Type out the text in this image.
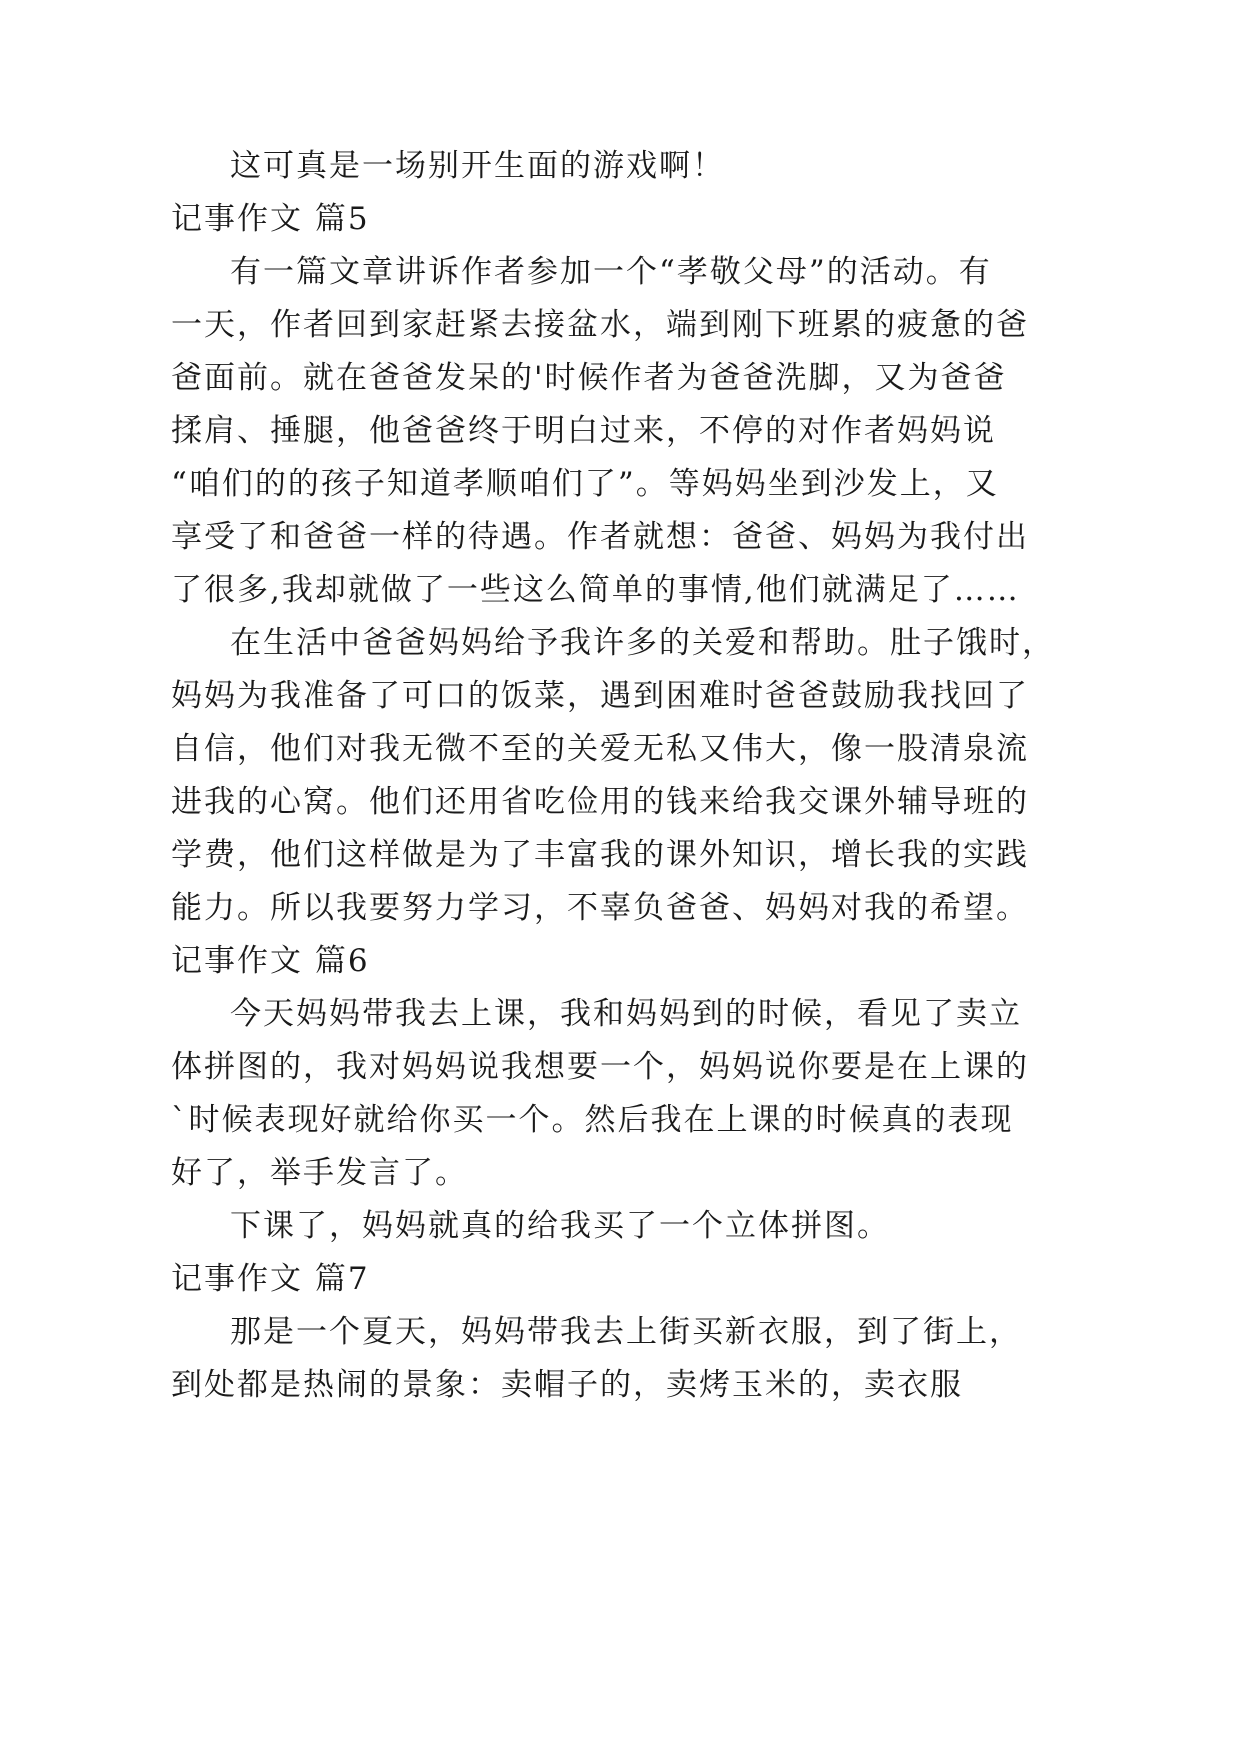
这可真是一场别开生面的游戏啊！
记事作文 篇5
有一篇文章讲诉作者参加一个“孝敬父母”的活动。有
一天，作者回到家赶紧去接盆水，端到刚下班累的疲惫的爸
爸面前。就在爸爸发呆的'时候作者为爸爸洗脚，又为爸爸
揉肩、捶腿，他爸爸终于明白过来，不停的对作者妈妈说
“咱们的的孩子知道孝顺咱们了”。等妈妈坐到沙发上，又
享受了和爸爸一样的待遇。作者就想：爸爸、妈妈为我付出
了很多,我却就做了一些这么简单的事情,他们就满足了……
在生活中爸爸妈妈给予我许多的关爱和帮助。肚子饿时，
妈妈为我准备了可口的饭菜，遇到困难时爸爸鼓励我找回了
自信，他们对我无微不至的关爱无私又伟大，像一股清泉流
进我的心窝。他们还用省吃俭用的钱来给我交课外辅导班的
学费，他们这样做是为了丰富我的课外知识，增长我的实践
能力。所以我要努力学习，不辜负爸爸、妈妈对我的希望。
记事作文 篇6
今天妈妈带我去上课，我和妈妈到的时候，看见了卖立
体拼图的，我对妈妈说我想要一个，妈妈说你要是在上课的
`时候表现好就给你买一个。然后我在上课的时候真的表现
好了，举手发言了。
下课了，妈妈就真的给我买了一个立体拼图。
记事作文 篇7
那是一个夏天，妈妈带我去上街买新衣服，到了街上，
到处都是热闹的景象：卖帽子的，卖烤玉米的，卖衣服
